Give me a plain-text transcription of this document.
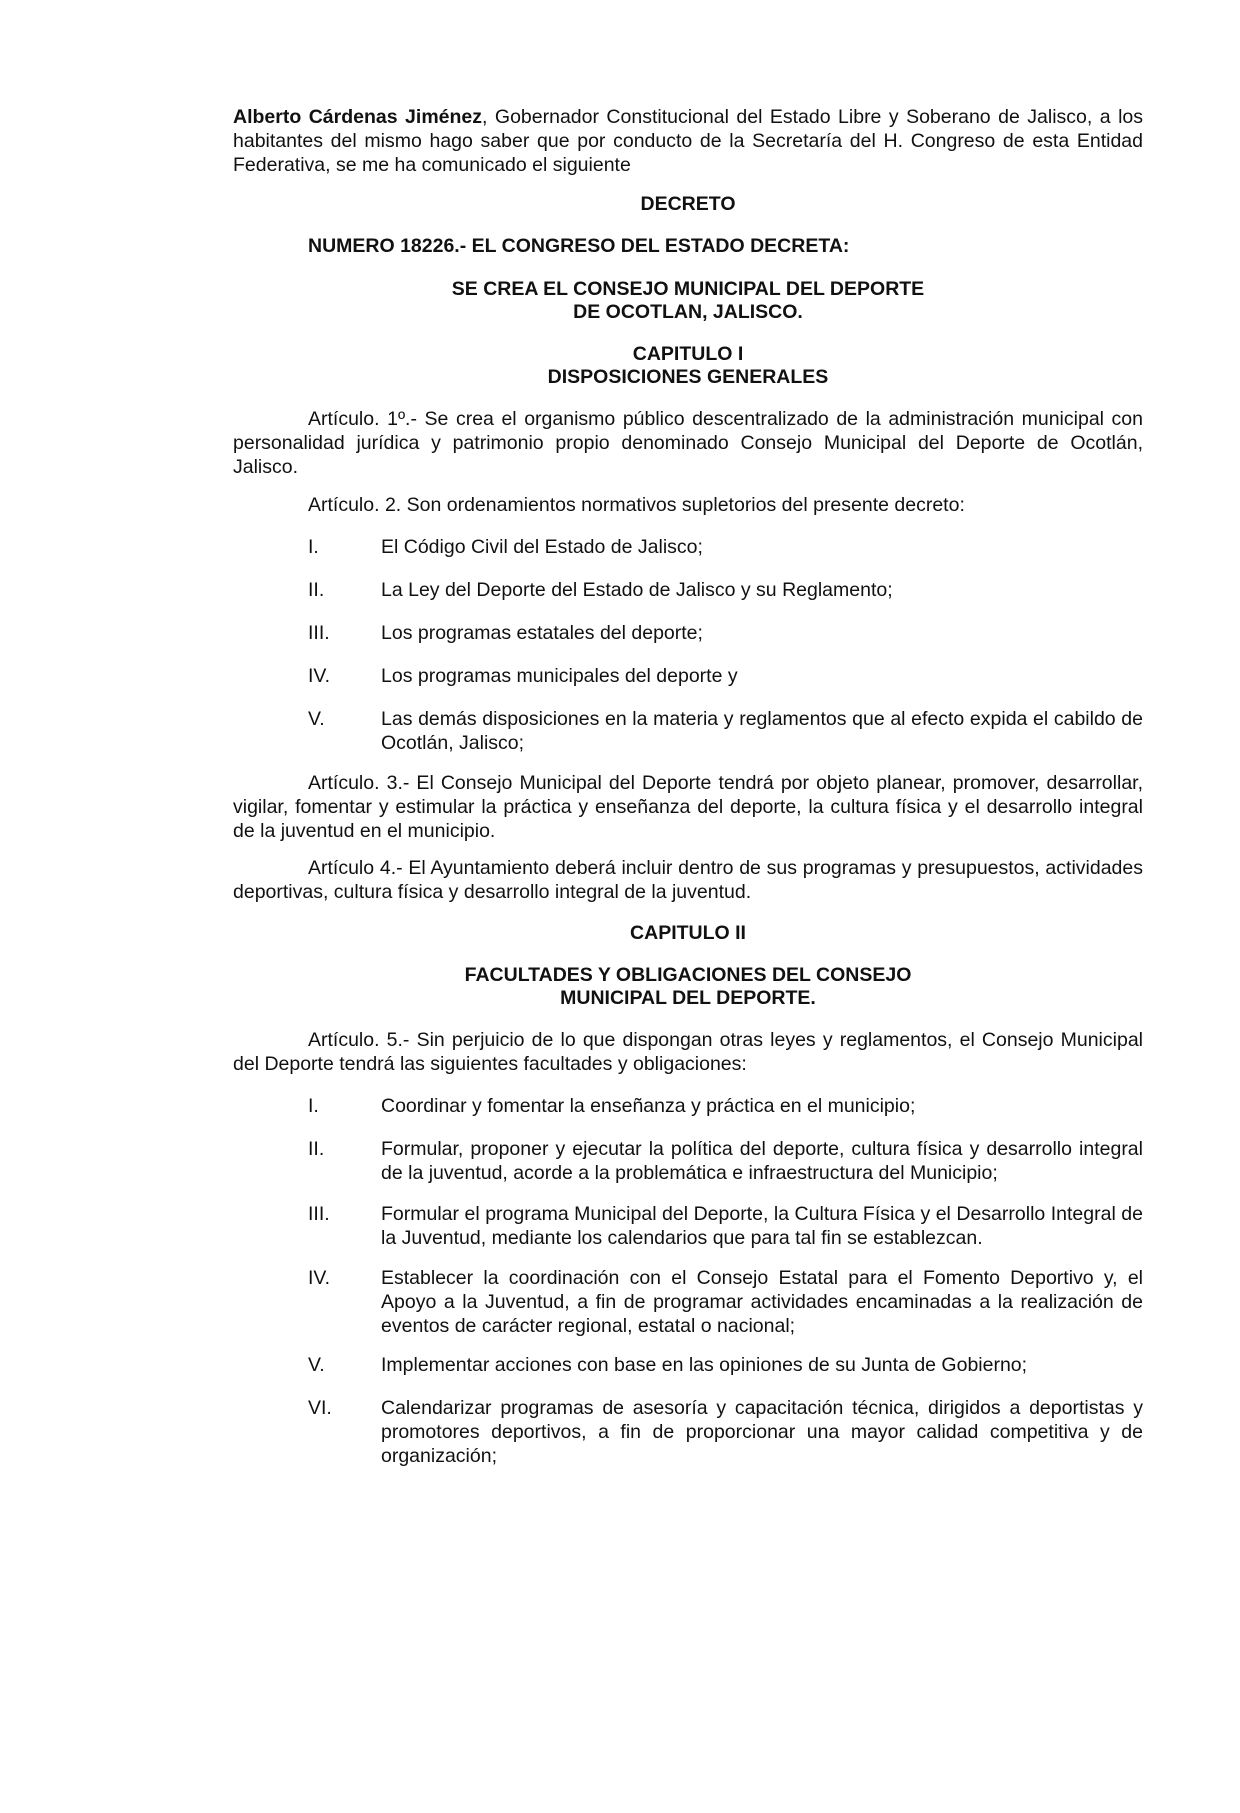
Alberto Cárdenas Jiménez, Gobernador Constitucional del Estado Libre y Soberano de Jalisco, a los habitantes del mismo hago saber que por conducto de la Secretaría del H. Congreso de esta Entidad Federativa, se me ha comunicado el siguiente

DECRETO

NUMERO 18226.- EL CONGRESO DEL ESTADO DECRETA:

SE CREA EL CONSEJO MUNICIPAL DEL DEPORTE

DE OCOTLAN, JALISCO.

CAPITULO I

DISPOSICIONES GENERALES

Artículo. 1º.- Se crea el organismo público descentralizado de la administración municipal con personalidad jurídica y patrimonio propio denominado Consejo Municipal del Deporte de Ocotlán, Jalisco.

Artículo. 2. Son ordenamientos normativos supletorios del presente decreto:

I.	El Código Civil del Estado de Jalisco;
II.	La Ley del Deporte del Estado de Jalisco y su Reglamento;
III.	Los programas estatales del deporte;
IV.	Los programas municipales del deporte y
V.	Las demás disposiciones en la materia y reglamentos que al efecto expida el cabildo de Ocotlán, Jalisco;

Artículo. 3.- El Consejo Municipal del Deporte tendrá por objeto planear, promover, desarrollar, vigilar, fomentar y estimular la práctica y enseñanza del deporte, la cultura física y el desarrollo integral de la juventud en el municipio.

Artículo 4.- El Ayuntamiento deberá incluir dentro de sus programas y presupuestos, actividades deportivas, cultura física y desarrollo integral de la juventud.

CAPITULO II

FACULTADES Y OBLIGACIONES DEL CONSEJO

MUNICIPAL DEL DEPORTE.

Artículo. 5.- Sin perjuicio de lo que dispongan otras leyes y reglamentos, el Consejo Municipal del Deporte tendrá las siguientes facultades y obligaciones:

I.	Coordinar y fomentar la enseñanza y práctica en el municipio;
II.	Formular, proponer y ejecutar la política del deporte, cultura física y desarrollo integral de la juventud, acorde a la problemática e infraestructura del Municipio;
III.	Formular el programa Municipal del Deporte, la Cultura Física y el Desarrollo Integral de la Juventud, mediante los calendarios que para tal fin se establezcan.
IV.	Establecer la coordinación con el Consejo Estatal para el Fomento Deportivo y, el Apoyo a la Juventud, a fin de programar actividades encaminadas a la realización de eventos de carácter regional, estatal o nacional;
V.	Implementar acciones con base en las opiniones de su Junta de Gobierno;
VI.	Calendarizar programas de asesoría y capacitación técnica, dirigidos a deportistas y promotores deportivos, a fin de proporcionar una mayor calidad competitiva y de organización;
